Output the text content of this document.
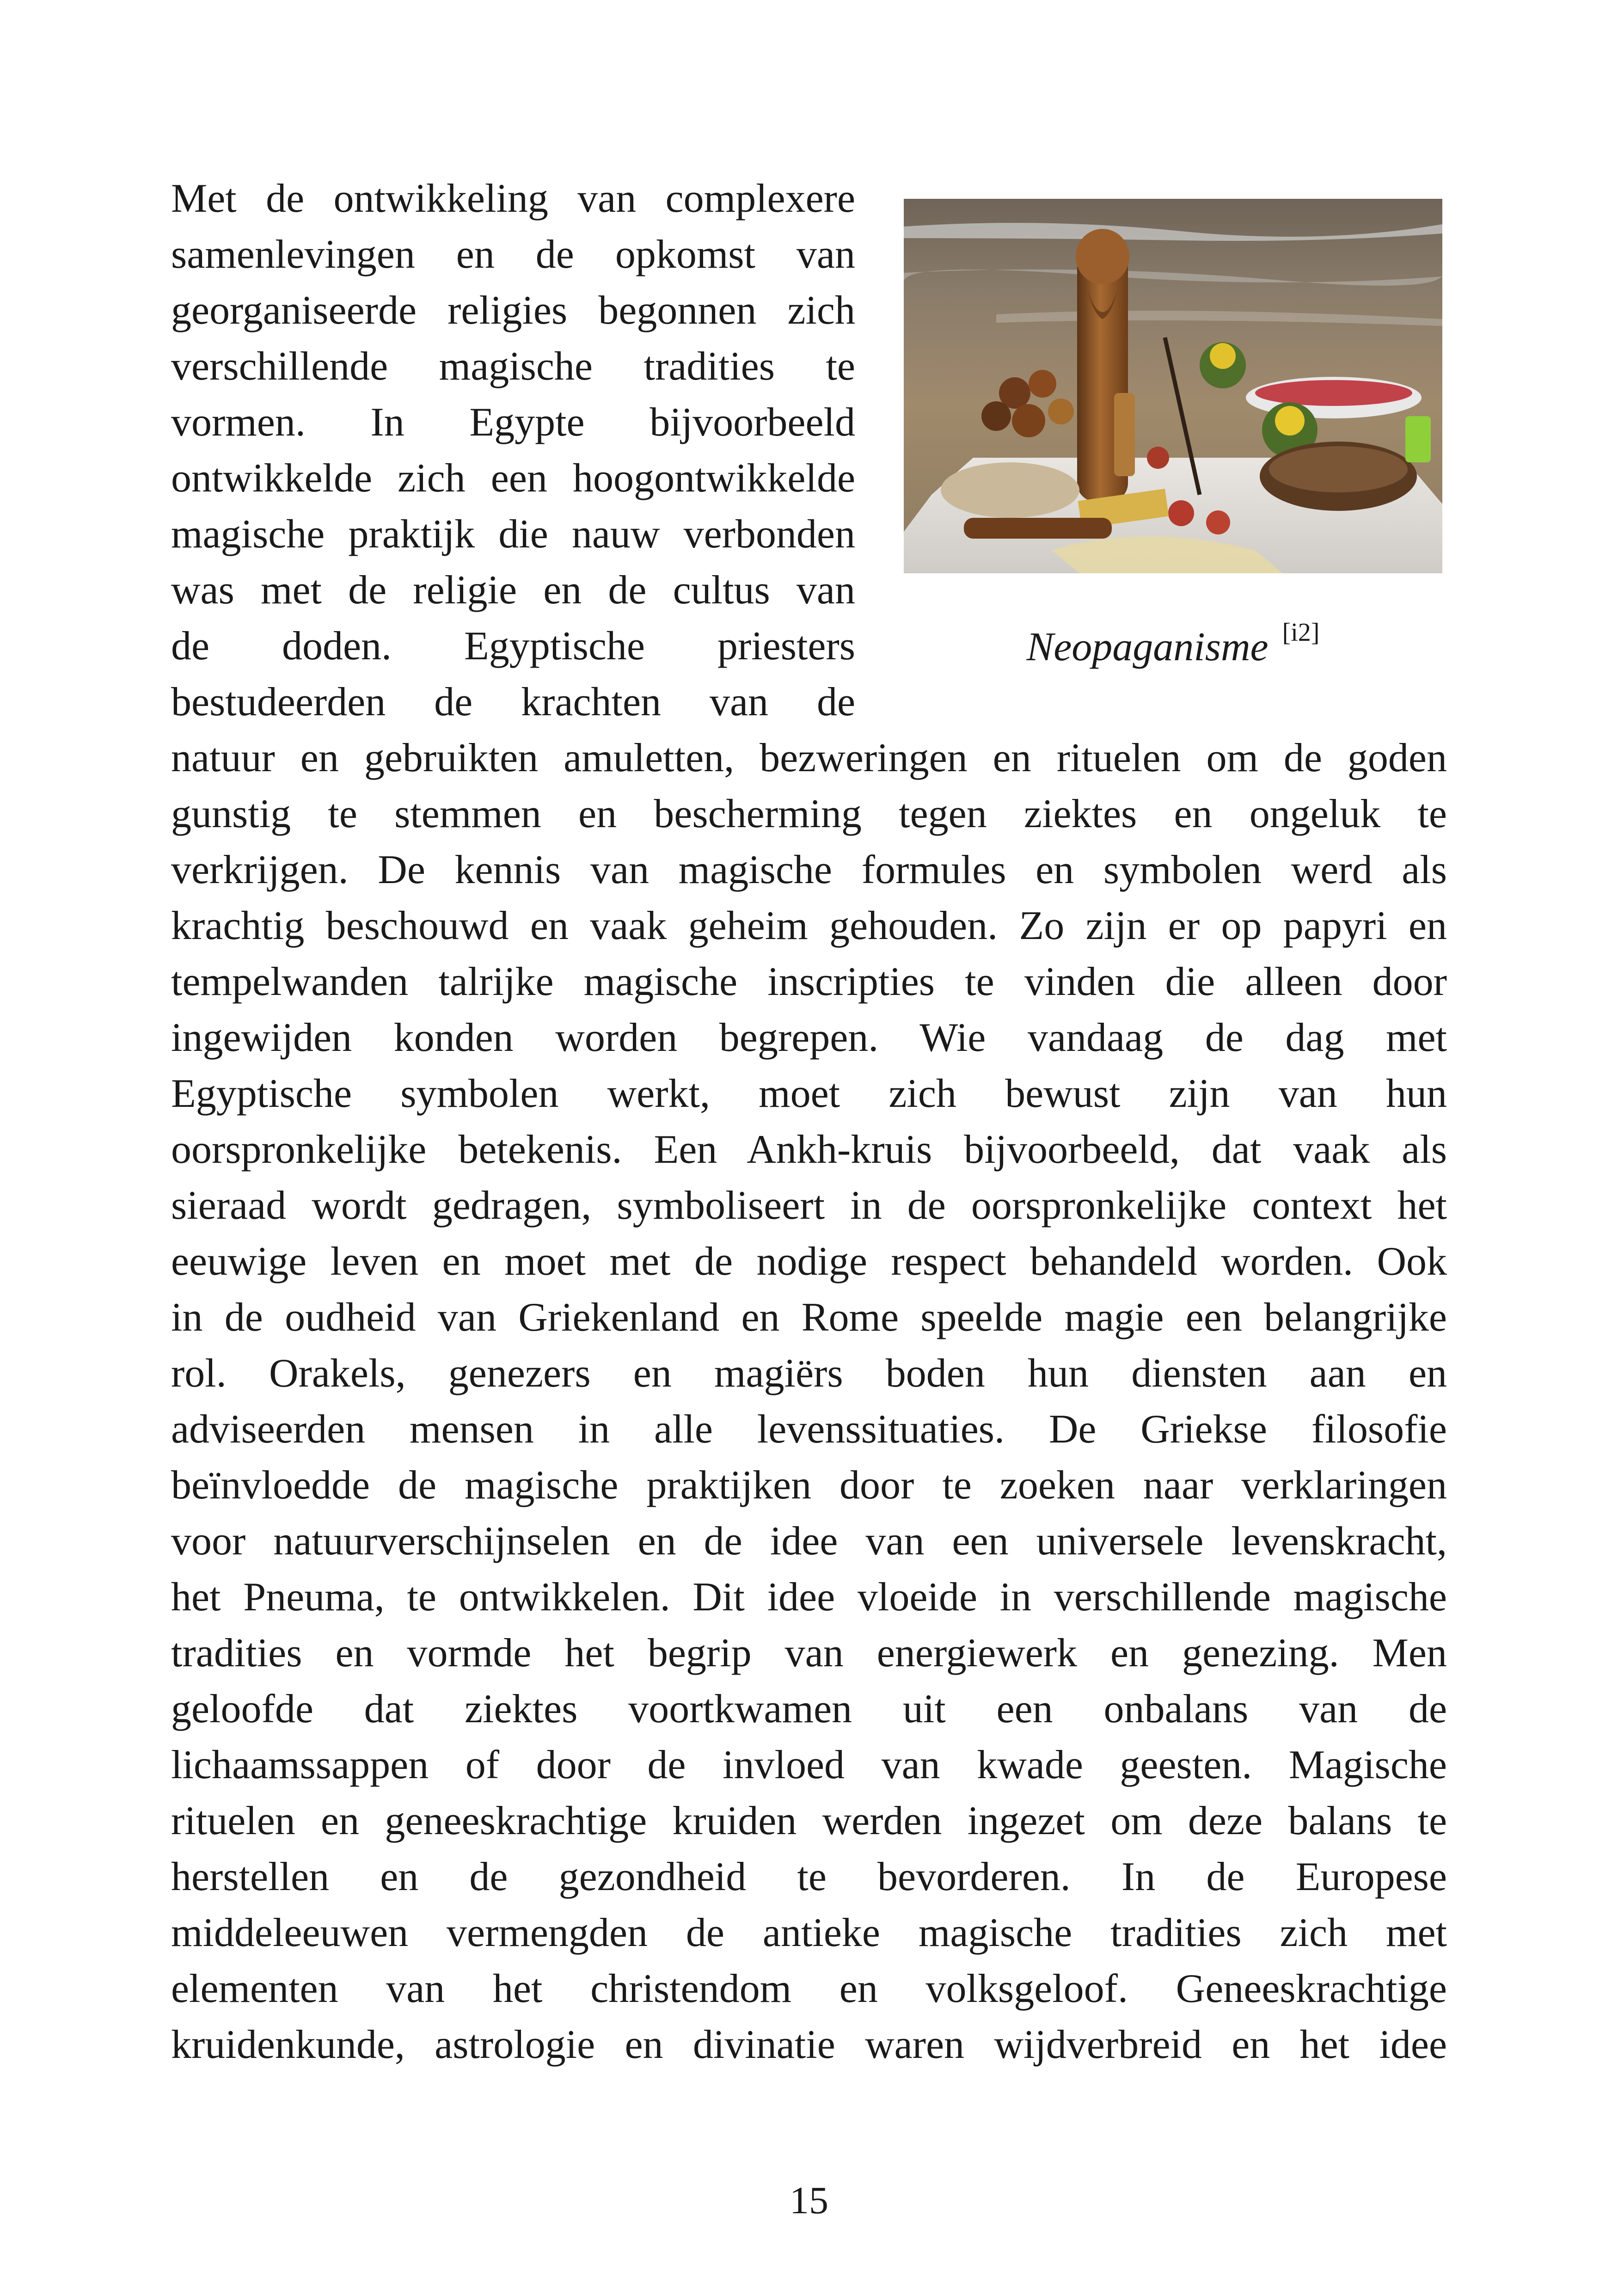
Neopaganisme [i2]
Met de ontwikkeling van complexere
samenlevingen en de opkomst van
georganiseerde religies begonnen zich
verschillende magische tradities te
vormen. In Egypte bijvoorbeeld
ontwikkelde zich een hoogontwikkelde
magische praktijk die nauw verbonden
was met de religie en de cultus van
de doden. Egyptische priesters
bestudeerden de krachten van de
natuur en gebruikten amuletten, bezweringen en rituelen om de goden
gunstig te stemmen en bescherming tegen ziektes en ongeluk te
verkrijgen. De kennis van magische formules en symbolen werd als
krachtig beschouwd en vaak geheim gehouden. Zo zijn er op papyri en
tempelwanden talrijke magische inscripties te vinden die alleen door
ingewijden konden worden begrepen. Wie vandaag de dag met
Egyptische symbolen werkt, moet zich bewust zijn van hun
oorspronkelijke betekenis. Een Ankh-kruis bijvoorbeeld, dat vaak als
sieraad wordt gedragen, symboliseert in de oorspronkelijke context het
eeuwige leven en moet met de nodige respect behandeld worden. Ook
in de oudheid van Griekenland en Rome speelde magie een belangrijke
rol. Orakels, genezers en magiërs boden hun diensten aan en
adviseerden mensen in alle levenssituaties. De Griekse filosofie
beïnvloedde de magische praktijken door te zoeken naar verklaringen
voor natuurverschijnselen en de idee van een universele levenskracht,
het Pneuma, te ontwikkelen. Dit idee vloeide in verschillende magische
tradities en vormde het begrip van energiewerk en genezing. Men
geloofde dat ziektes voortkwamen uit een onbalans van de
lichaamssappen of door de invloed van kwade geesten. Magische
rituelen en geneeskrachtige kruiden werden ingezet om deze balans te
herstellen en de gezondheid te bevorderen. In de Europese
middeleeuwen vermengden de antieke magische tradities zich met
elementen van het christendom en volksgeloof. Geneeskrachtige
kruidenkunde, astrologie en divinatie waren wijdverbreid en het idee
15
